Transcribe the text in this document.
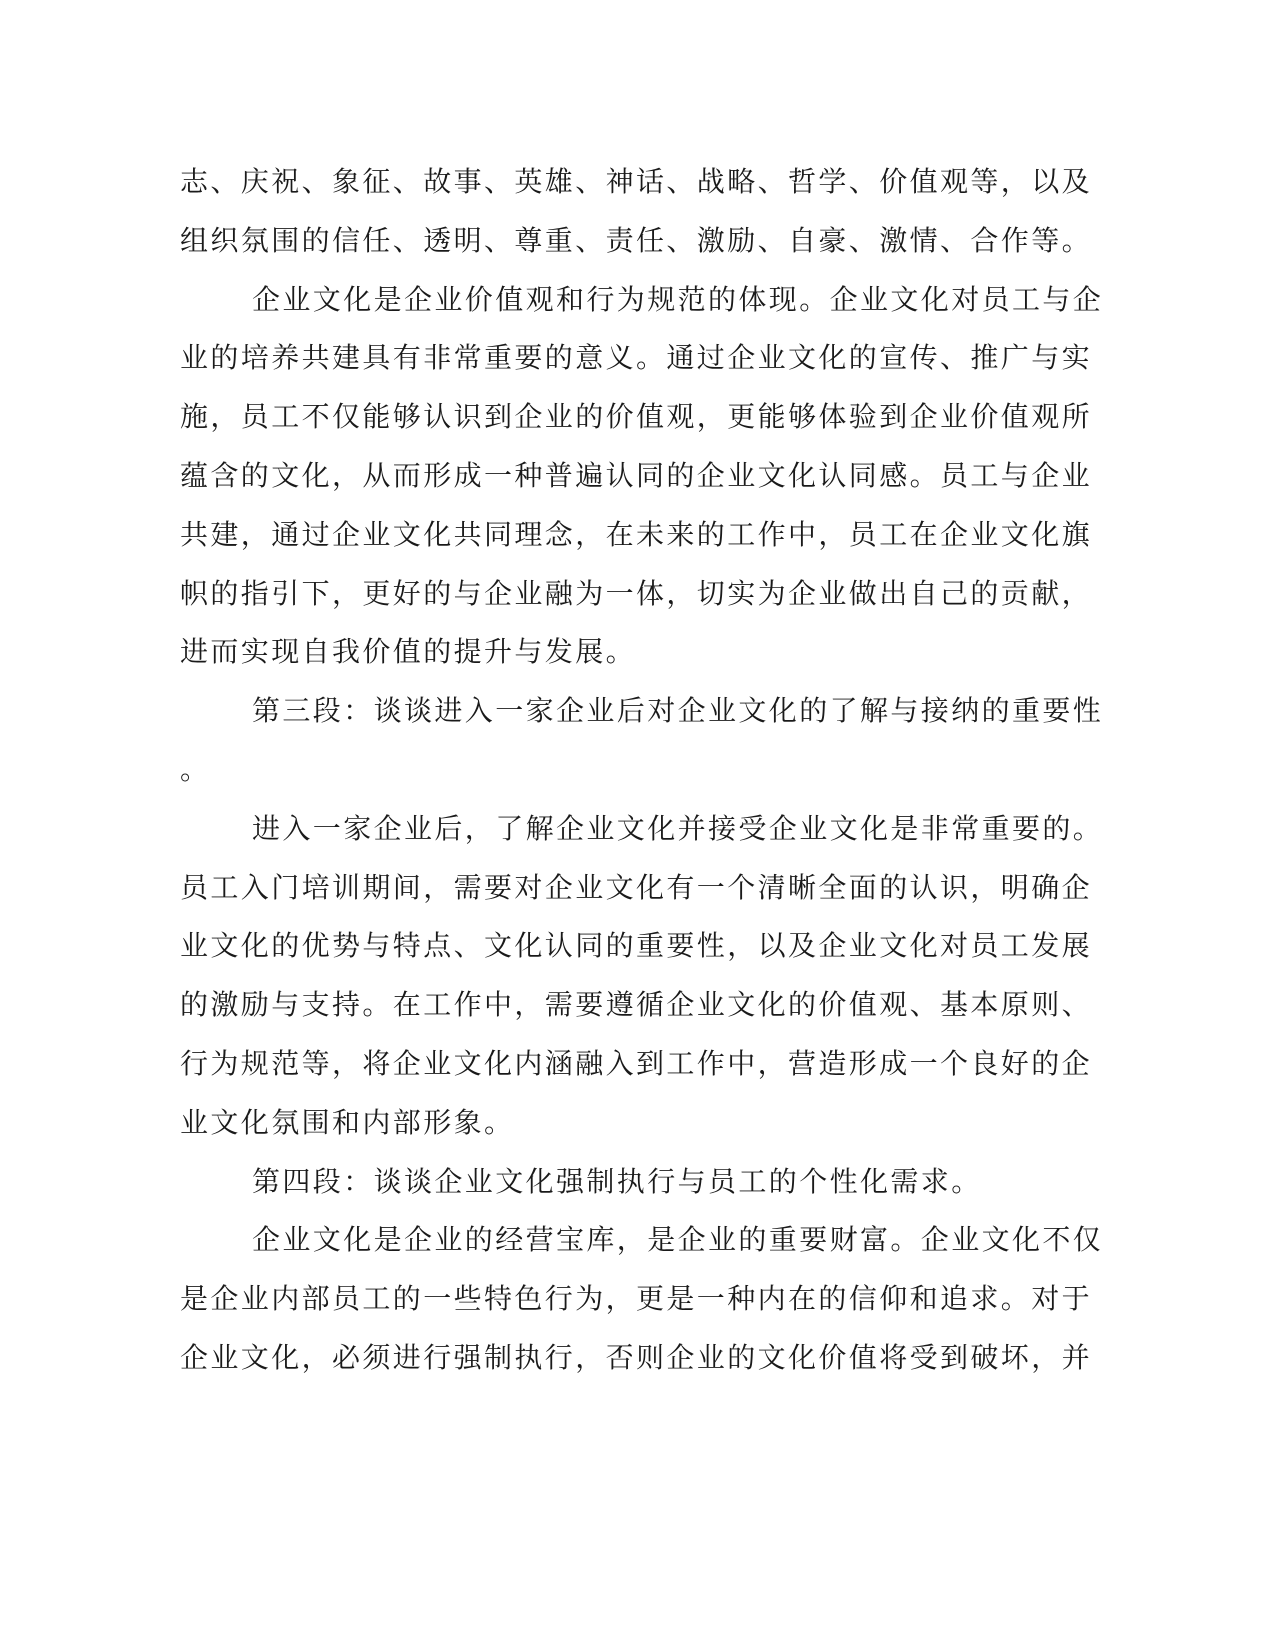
志、庆祝、象征、故事、英雄、神话、战略、哲学、价值观等，以及
组织氛围的信任、透明、尊重、责任、激励、自豪、激情、合作等。
企业文化是企业价值观和行为规范的体现。企业文化对员工与企
业的培养共建具有非常重要的意义。通过企业文化的宣传、推广与实
施，员工不仅能够认识到企业的价值观，更能够体验到企业价值观所
蕴含的文化，从而形成一种普遍认同的企业文化认同感。员工与企业
共建，通过企业文化共同理念，在未来的工作中，员工在企业文化旗
帜的指引下，更好的与企业融为一体，切实为企业做出自己的贡献，
进而实现自我价值的提升与发展。
第三段：谈谈进入一家企业后对企业文化的了解与接纳的重要性
。
进入一家企业后，了解企业文化并接受企业文化是非常重要的。
员工入门培训期间，需要对企业文化有一个清晰全面的认识，明确企
业文化的优势与特点、文化认同的重要性，以及企业文化对员工发展
的激励与支持。在工作中，需要遵循企业文化的价值观、基本原则、
行为规范等，将企业文化内涵融入到工作中，营造形成一个良好的企
业文化氛围和内部形象。
第四段：谈谈企业文化强制执行与员工的个性化需求。
企业文化是企业的经营宝库，是企业的重要财富。企业文化不仅
是企业内部员工的一些特色行为，更是一种内在的信仰和追求。对于
企业文化，必须进行强制执行，否则企业的文化价值将受到破坏，并
